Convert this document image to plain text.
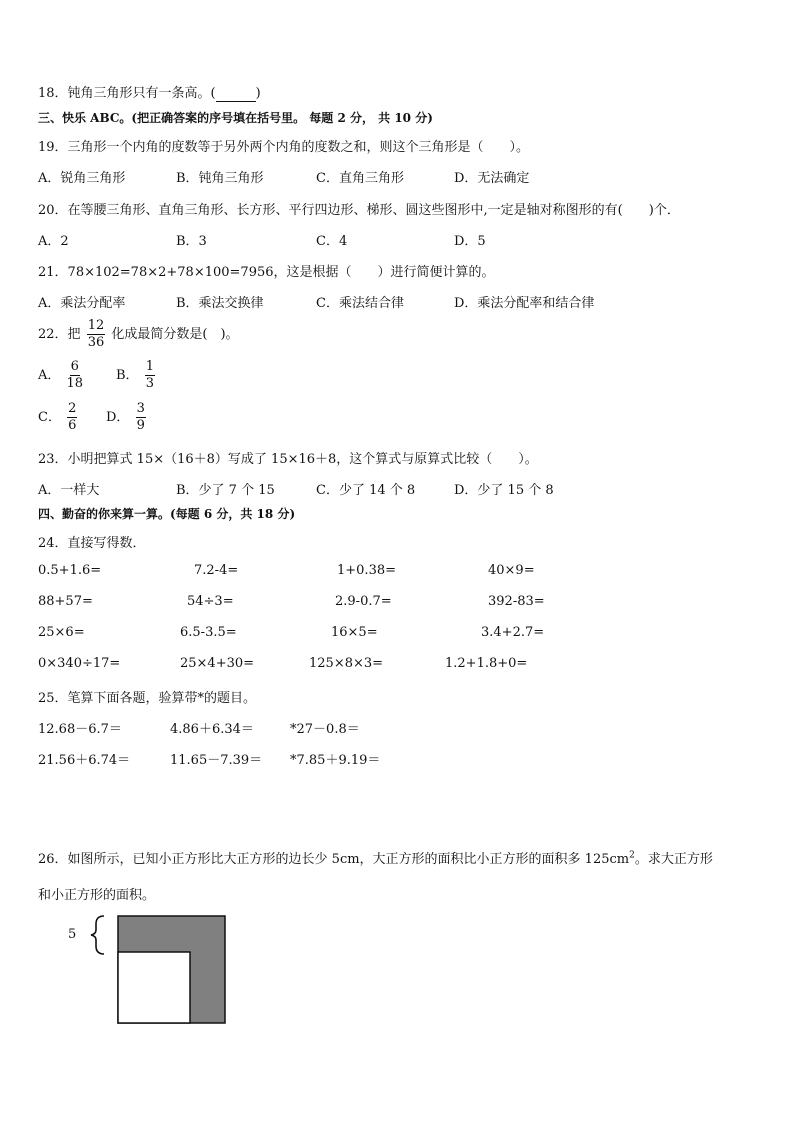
18．钝角三角形只有一条高。(	)
三、快乐 ABC。(把正确答案的序号填在括号里。 每题 2 分， 共 10 分)
19．三角形一个内角的度数等于另外两个内角的度数之和，则这个三角形是（　　）。
A．锐角三角形	B．钝角三角形	C．直角三角形	D．无法确定
20．在等腰三角形、直角三角形、长方形、平行四边形、梯形、圆这些图形中,一定是轴对称图形的有(　　)个．
A．2	B．3	C．4	D．5
21．78×102=78×2+78×100=7956，这是根据（　　）进行简便计算的。
A．乘法分配率	B．乘法交换律	C．乘法结合律	D．乘法分配率和结合律
22．把 $\frac{12}{36}$ 化成最简分数是(　)。
A． $\frac{6}{18}$	B． $\frac{1}{3}$
C． $\frac{2}{6}$ D． $\frac{3}{9}$
23．小明把算式 15×（16＋8）写成了 15×16＋8，这个算式与原算式比较（　　）。
A．一样大	B．少了 7 个 15	C．少了 14 个 8	D．少了 15 个 8
四、勤奋的你来算一算。(每题 6 分，共 18 分)
24．直接写得数．
0.5+1.6=	7.2-4=	1+0.38=	40×9=
88+57=	54÷3=	2.9-0.7=	392-83=
25×6=	6.5-3.5=	16×5=	3.4+2.7=
0×340÷17=	25×4+30=	125×8×3=	1.2+1.8+0=
25．笔算下面各题，验算带*的题目。
12.68－6.7＝	4.86＋6.34＝	*27－0.8＝
21.56＋6.74＝	11.65－7.39＝ *7.85＋9.19＝
26．如图所示，已知小正方形比大正方形的边长少 5cm，大正方形的面积比小正方形的面积多 $125cm^2$。求大正方形
和小正方形的面积。
5
